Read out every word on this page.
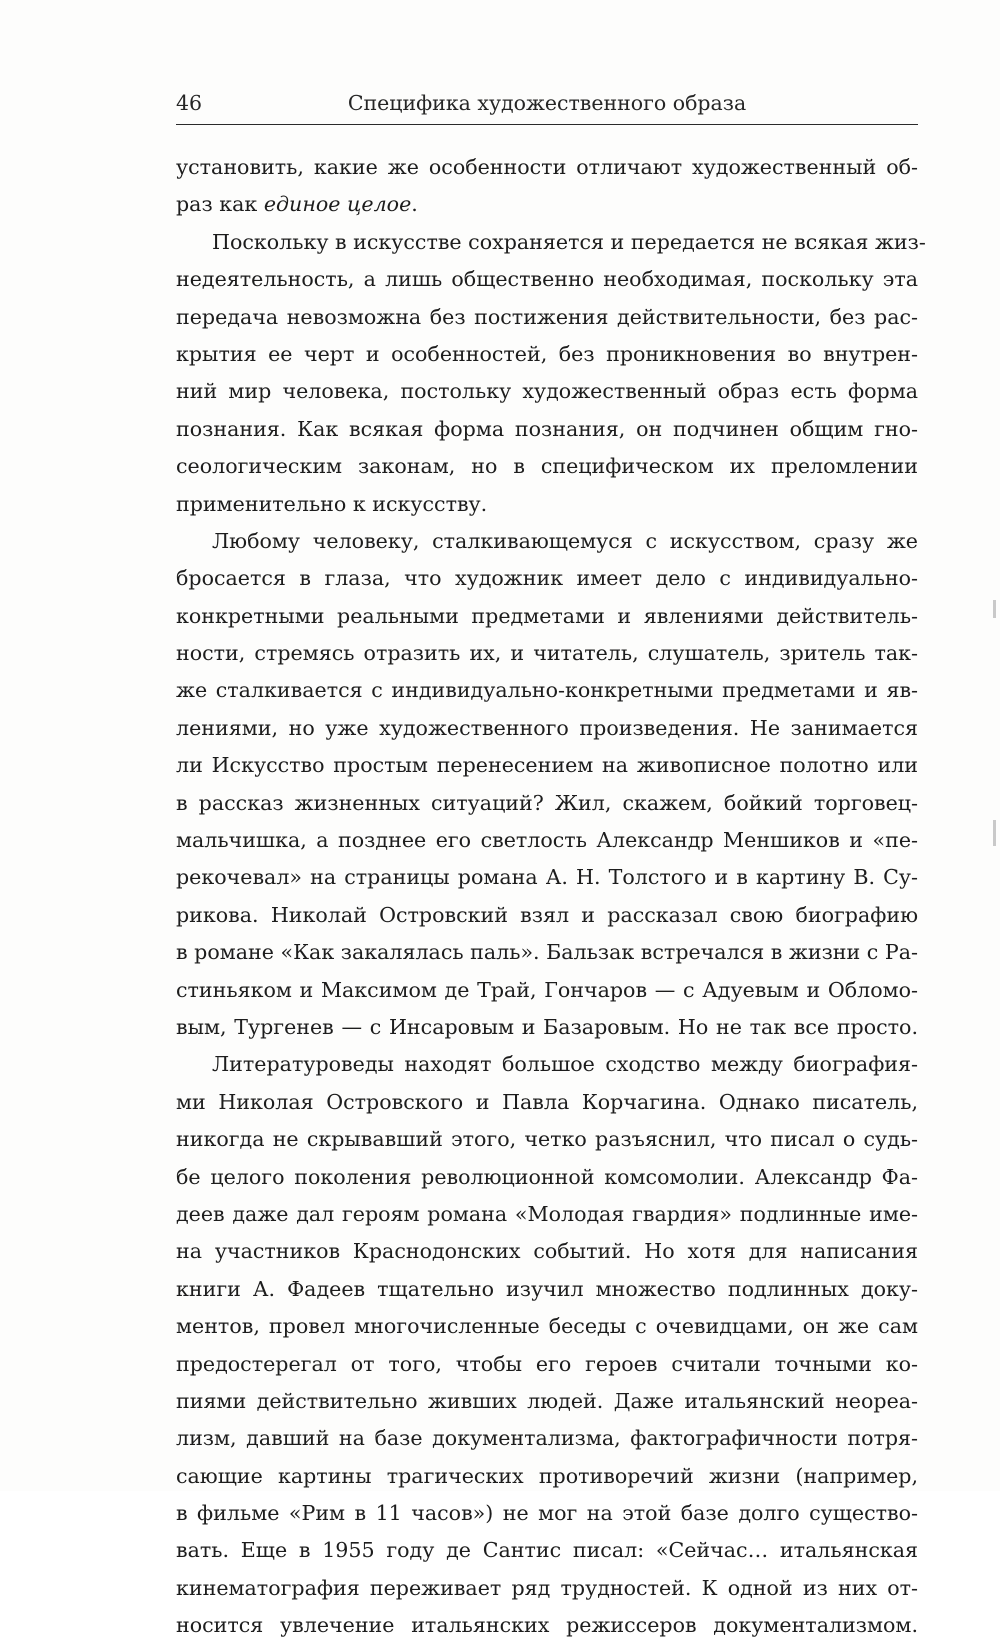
46	Специфика художественного образа
установить, какие же особенности отличают художественный об-
раз как единое целое.
Поскольку в искусстве сохраняется и передается не всякая жиз-
недеятельность, а лишь общественно необходимая, поскольку эта
передача невозможна без постижения действительности, без рас-
крытия ее черт и особенностей, без проникновения во внутрен-
ний мир человека, постольку художественный образ есть форма
познания. Как всякая форма познания, он подчинен общим гно-
сеологическим законам, но в специфическом их преломлении
применительно к искусству.
Любому человеку, сталкивающемуся с искусством, сразу же
бросается в глаза, что художник имеет дело с индивидуально-
конкретными реальными предметами и явлениями действитель-
ности, стремясь отразить их, и читатель, слушатель, зритель так-
же сталкивается с индивидуально-конкретными предметами и яв-
лениями, но уже художественного произведения. Не занимается
ли Искусство простым перенесением на живописное полотно или
в рассказ жизненных ситуаций? Жил, скажем, бойкий торговец-
мальчишка, а позднее его светлость Александр Меншиков и «пе-
рекочевал» на страницы романа А. Н. Толстого и в картину В. Су-
рикова. Николай Островский взял и рассказал свою биографию
в романе «Как закалялась паль». Бальзак встречался в жизни с Ра-
стиньяком и Максимом де Трай, Гончаров — с Адуевым и Обломо-
вым, Тургенев — с Инсаровым и Базаровым. Но не так все просто.
Литературоведы находят большое сходство между биография-
ми Николая Островского и Павла Корчагина. Однако писатель,
никогда не скрывавший этого, четко разъяснил, что писал о судь-
бе целого поколения революционной комсомолии. Александр Фа-
деев даже дал героям романа «Молодая гвардия» подлинные име-
на участников Краснодонских событий. Но хотя для написания
книги А. Фадеев тщательно изучил множество подлинных доку-
ментов, провел многочисленные беседы с очевидцами, он же сам
предостерегал от того, чтобы его героев считали точными ко-
пиями действительно живших людей. Даже итальянский неореа-
лизм, давший на базе документализма, фактографичности потря-
сающие картины трагических противоречий жизни (например,
в фильме «Рим в 11 часов») не мог на этой базе долго существо-
вать. Еще в 1955 году де Сантис писал: «Сейчас… итальянская
кинематография переживает ряд трудностей. К одной из них от-
носится увлечение итальянских режиссеров документализмом.
